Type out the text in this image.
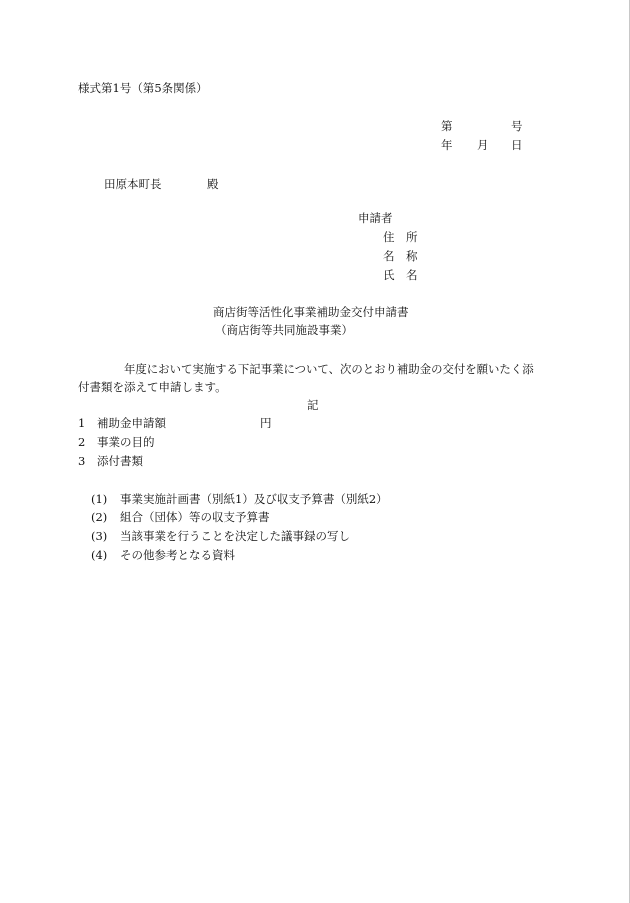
様式第1号（第5条関係）
第	号
年 月 日
田原本町長	殿
申請者
住　所
名　称
氏　名
商店街等活性化事業補助金交付申請書
（商店街等共同施設事業）
年度において実施する下記事業について、次のとおり補助金の交付を願いたく添
付書類を添えて申請します。
記
1 補助金申請額	円
2 事業の目的
3 添付書類
(1) 事業実施計画書（別紙1）及び収支予算書（別紙2）
(2) 組合（団体）等の収支予算書
(3) 当該事業を行うことを決定した議事録の写し
(4) その他参考となる資料
